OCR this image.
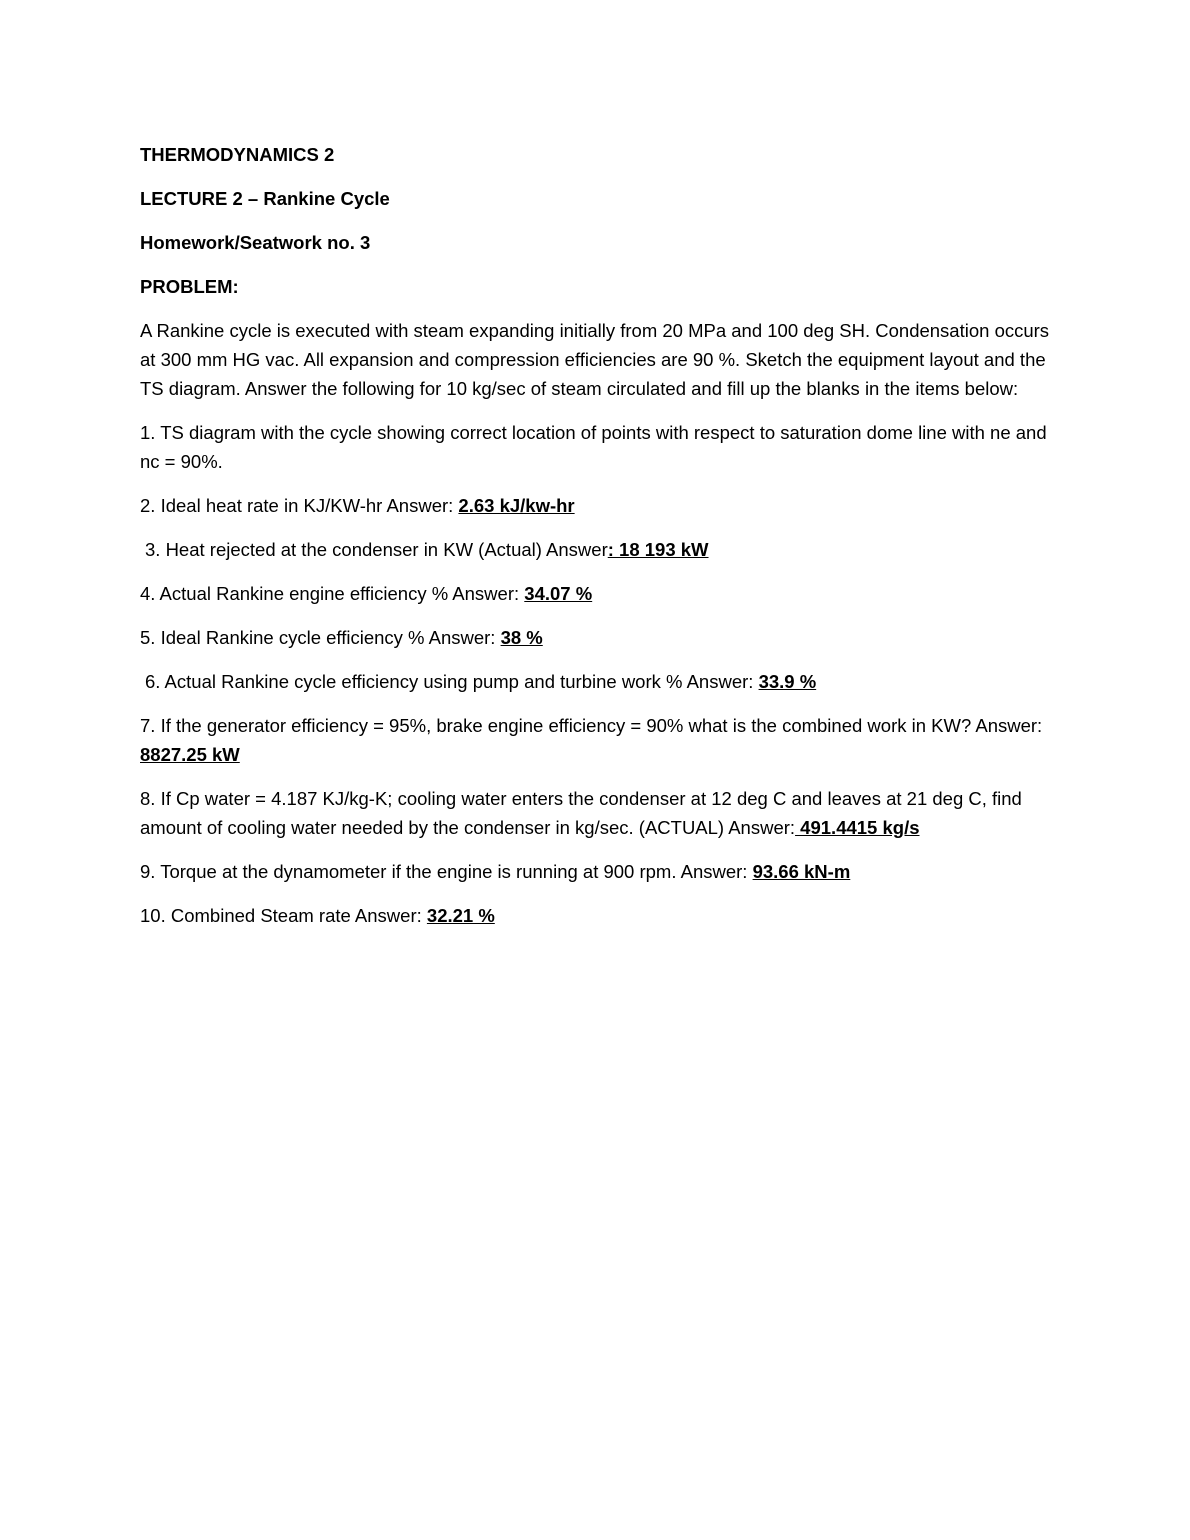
THERMODYNAMICS 2
LECTURE 2 – Rankine Cycle
Homework/Seatwork no. 3
PROBLEM:
A Rankine cycle is executed with steam expanding initially from 20 MPa and 100 deg SH. Condensation occurs at 300 mm HG vac. All expansion and compression efficiencies are 90 %. Sketch the equipment layout and the TS diagram. Answer the following for 10 kg/sec of steam circulated and fill up the blanks in the items below:
1. TS diagram with the cycle showing correct location of points with respect to saturation dome line with ne and nc = 90%.
2. Ideal heat rate in KJ/KW-hr Answer: 2.63 kJ/kw-hr
3. Heat rejected at the condenser in KW (Actual) Answer: 18 193 kW
4. Actual Rankine engine efficiency % Answer: 34.07 %
5. Ideal Rankine cycle efficiency % Answer: 38 %
6. Actual Rankine cycle efficiency using pump and turbine work % Answer: 33.9 %
7. If the generator efficiency = 95%, brake engine efficiency = 90% what is the combined work in KW? Answer: 8827.25 kW
8. If Cp water = 4.187 KJ/kg-K; cooling water enters the condenser at 12 deg C and leaves at 21 deg C, find amount of cooling water needed by the condenser in kg/sec. (ACTUAL) Answer: 491.4415 kg/s
9. Torque at the dynamometer if the engine is running at 900 rpm. Answer: 93.66 kN-m
10. Combined Steam rate Answer: 32.21 %
